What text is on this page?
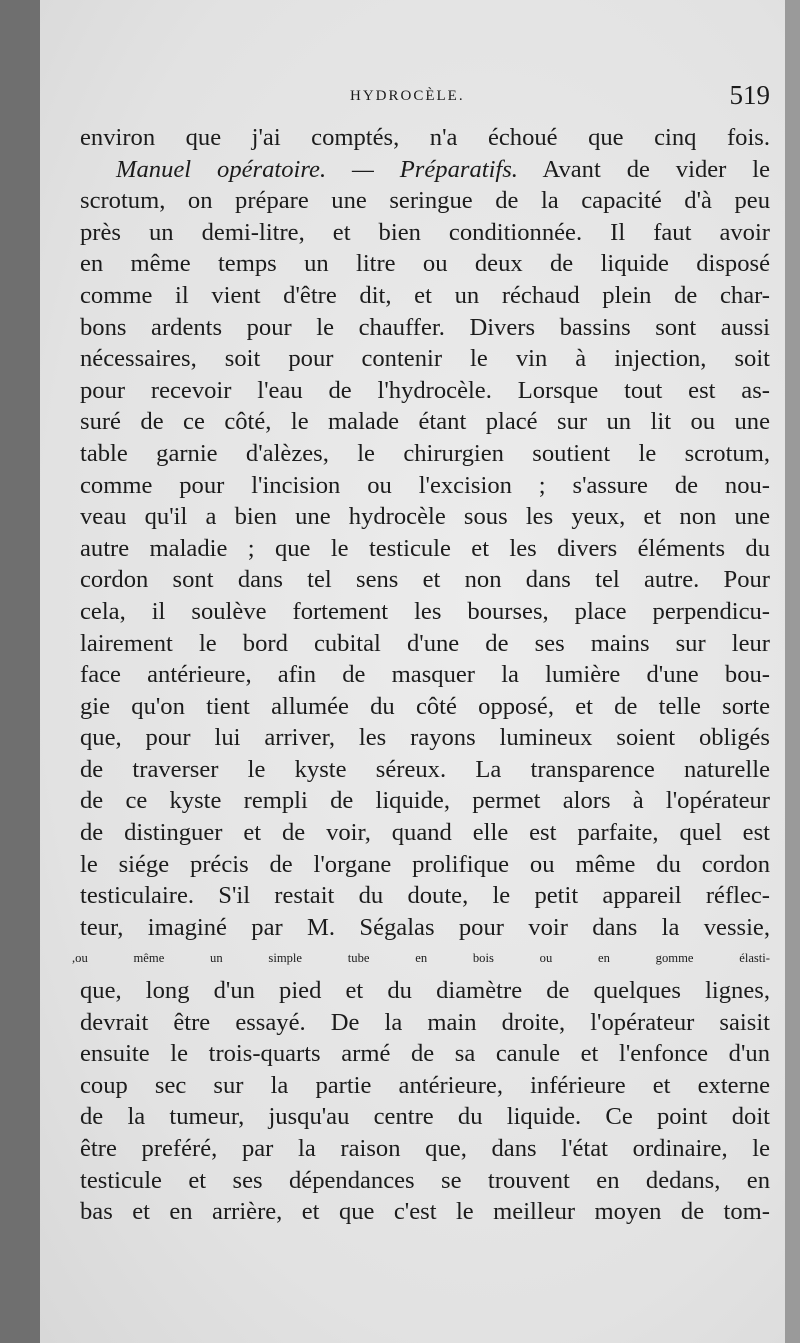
HYDROCÈLE.	519
environ que j'ai comptés, n'a échoué que cinq fois.
Manuel opératoire. — Préparatifs. Avant de vider le
scrotum, on prépare une seringue de la capacité d'à peu
près un demi-litre, et bien conditionnée. Il faut avoir
en même temps un litre ou deux de liquide disposé
comme il vient d'être dit, et un réchaud plein de char-
bons ardents pour le chauffer. Divers bassins sont aussi
nécessaires, soit pour contenir le vin à injection, soit
pour recevoir l'eau de l'hydrocèle. Lorsque tout est as-
suré de ce côté, le malade étant placé sur un lit ou une
table garnie d'alèzes, le chirurgien soutient le scrotum,
comme pour l'incision ou l'excision ; s'assure de nou-
veau qu'il a bien une hydrocèle sous les yeux, et non une
autre maladie ; que le testicule et les divers éléments du
cordon sont dans tel sens et non dans tel autre. Pour
cela, il soulève fortement les bourses, place perpendicu-
lairement le bord cubital d'une de ses mains sur leur
face antérieure, afin de masquer la lumière d'une bou-
gie qu'on tient allumée du côté opposé, et de telle sorte
que, pour lui arriver, les rayons lumineux soient obligés
de traverser le kyste séreux. La transparence naturelle
de ce kyste rempli de liquide, permet alors à l'opérateur
de distinguer et de voir, quand elle est parfaite, quel est
le siége précis de l'organe prolifique ou même du cordon
testiculaire. S'il restait du doute, le petit appareil réflec-
teur, imaginé par M. Ségalas pour voir dans la vessie,
,ou même un simple tube en bois ou en gomme élasti-
que, long d'un pied et du diamètre de quelques lignes,
devrait être essayé. De la main droite, l'opérateur saisit
ensuite le trois-quarts armé de sa canule et l'enfonce d'un
coup sec sur la partie antérieure, inférieure et externe
de la tumeur, jusqu'au centre du liquide. Ce point doit
être preféré, par la raison que, dans l'état ordinaire, le
testicule et ses dépendances se trouvent en dedans, en
bas et en arrière, et que c'est le meilleur moyen de tom-
